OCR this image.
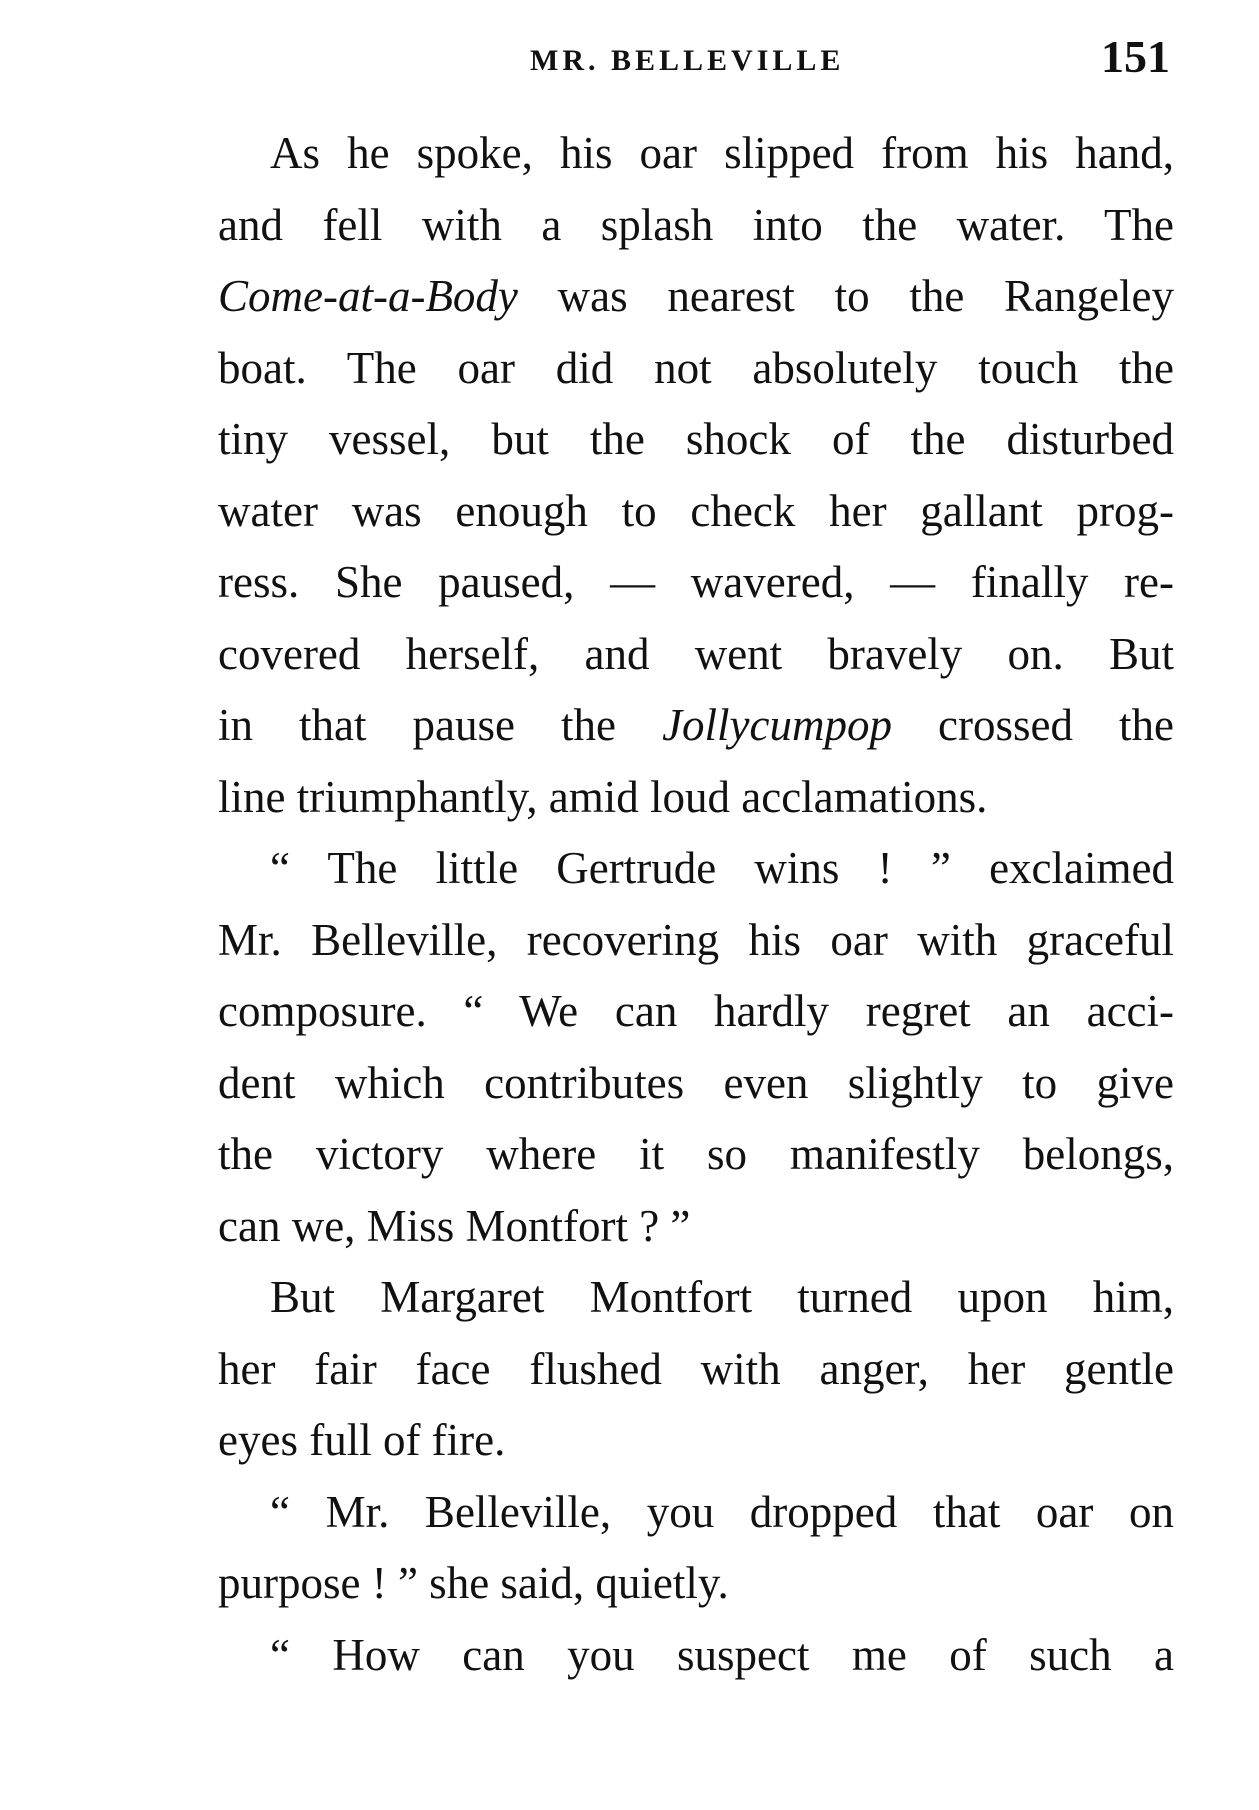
MR. BELLEVILLE	151
As he spoke, his oar slipped from his hand,
and fell with a splash into the water. The
Come-at-a-Body was nearest to the Rangeley
boat. The oar did not absolutely touch the
tiny vessel, but the shock of the disturbed
water was enough to check her gallant prog-
ress. She paused, — wavered, — finally re-
covered herself, and went bravely on. But
in that pause the Jollycumpop crossed the
line triumphantly, amid loud acclamations.
“ The little Gertrude wins ! ” exclaimed
Mr. Belleville, recovering his oar with graceful
composure. “ We can hardly regret an acci-
dent which contributes even slightly to give
the victory where it so manifestly belongs,
can we, Miss Montfort ? ”
But Margaret Montfort turned upon him,
her fair face flushed with anger, her gentle
eyes full of fire.
“ Mr. Belleville, you dropped that oar on
purpose ! ” she said, quietly.
“ How can you suspect me of such a
